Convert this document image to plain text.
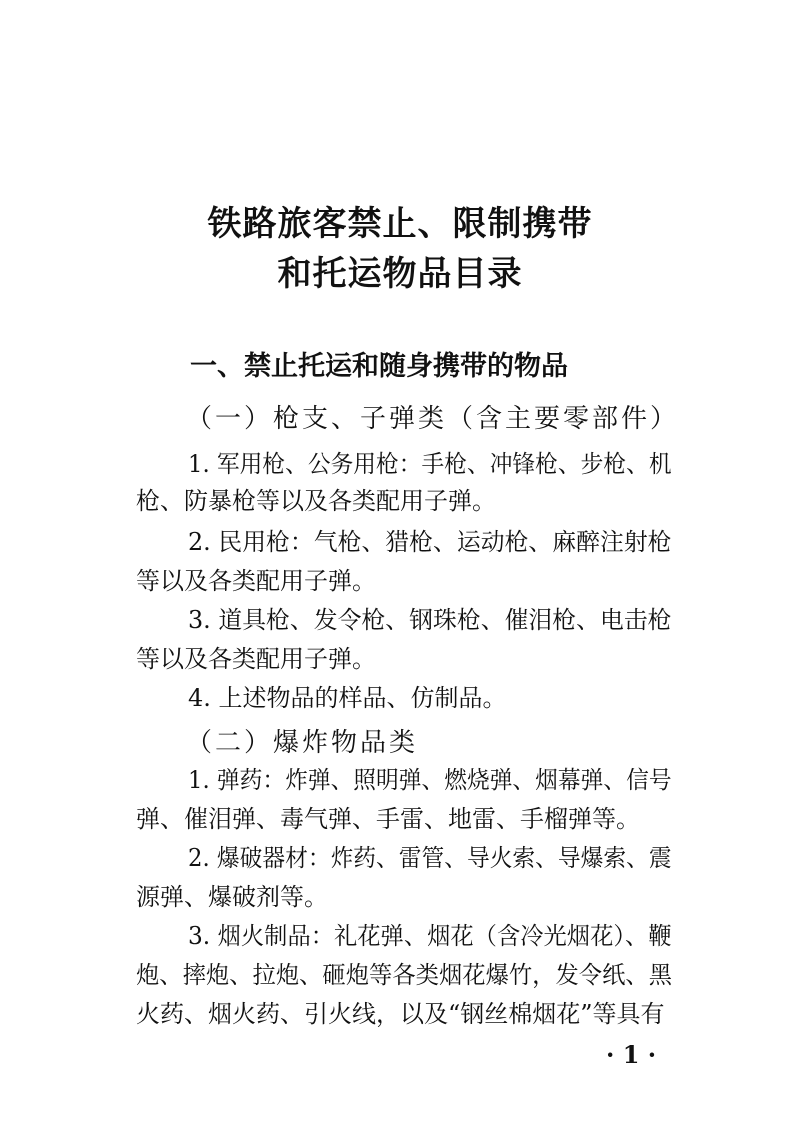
铁路旅客禁止、限制携带
和托运物品目录
一、禁止托运和随身携带的物品
（一）枪支、子弹类（含主要零部件）
1. 军用枪、公务用枪：手枪、冲锋枪、步枪、机
枪、防暴枪等以及各类配用子弹。
2. 民用枪：气枪、猎枪、运动枪、麻醉注射枪
等以及各类配用子弹。
3. 道具枪、发令枪、钢珠枪、催泪枪、电击枪
等以及各类配用子弹。
4. 上述物品的样品、仿制品。
（二）爆炸物品类
1. 弹药：炸弹、照明弹、燃烧弹、烟幕弹、信号
弹、催泪弹、毒气弹、手雷、地雷、手榴弹等。
2. 爆破器材：炸药、雷管、导火索、导爆索、震
源弹、爆破剂等。
3. 烟火制品：礼花弹、烟花（含冷光烟花）、鞭
炮、摔炮、拉炮、砸炮等各类烟花爆竹，发令纸、黑
火药、烟火药、引火线，以及“钢丝棉烟花”等具有
· 1 ·
